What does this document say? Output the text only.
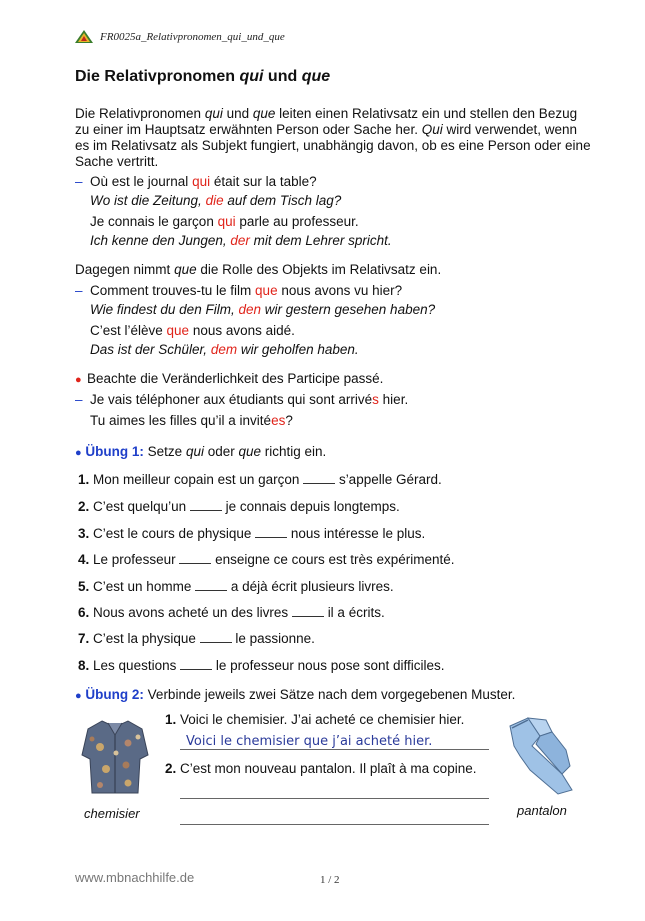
FR0025a_Relativpronomen_qui_und_que
Die Relativpronomen qui und que
Die Relativpronomen qui und que leiten einen Relativsatz ein und stellen den Bezug zu einer im Hauptsatz erwähnten Person oder Sache her. Qui wird verwendet, wenn es im Relativsatz als Subjekt fungiert, unabhängig davon, ob es eine Person oder eine Sache vertritt.
– Où est le journal qui était sur la table?
Wo ist die Zeitung, die auf dem Tisch lag?
Je connais le garçon qui parle au professeur.
Ich kenne den Jungen, der mit dem Lehrer spricht.
Dagegen nimmt que die Rolle des Objekts im Relativsatz ein.
– Comment trouves-tu le film que nous avons vu hier?
Wie findest du den Film, den wir gestern gesehen haben?
C’est l’élève que nous avons aidé.
Das ist der Schüler, dem wir geholfen haben.
● Beachte die Veränderlichkeit des Participe passé.
– Je vais téléphoner aux étudiants qui sont arrivés hier.
Tu aimes les filles qu’il a invitées?
● Übung 1: Setze qui oder que richtig ein.
1. Mon meilleur copain est un garçon	s’appelle Gérard.
2. C’est quelqu’un	je connais depuis longtemps.
3. C’est le cours de physique	nous intéresse le plus.
4. Le professeur	enseigne ce cours est très expérimenté.
5. C’est un homme	a déjà écrit plusieurs livres.
6. Nous avons acheté un des livres	il a écrits.
7. C’est la physique	le passionne.
8. Les questions	le professeur nous pose sont difficiles.
● Übung 2: Verbinde jeweils zwei Sätze nach dem vorgegebenen Muster.
chemisier
1. Voici le chemisier. J’ai acheté ce chemisier hier.
Voici le chemisier que j’ai acheté hier.
2. C’est mon nouveau pantalon. Il plaît à ma copine.
pantalon
www.mbnachhilfe.de	1 / 2
